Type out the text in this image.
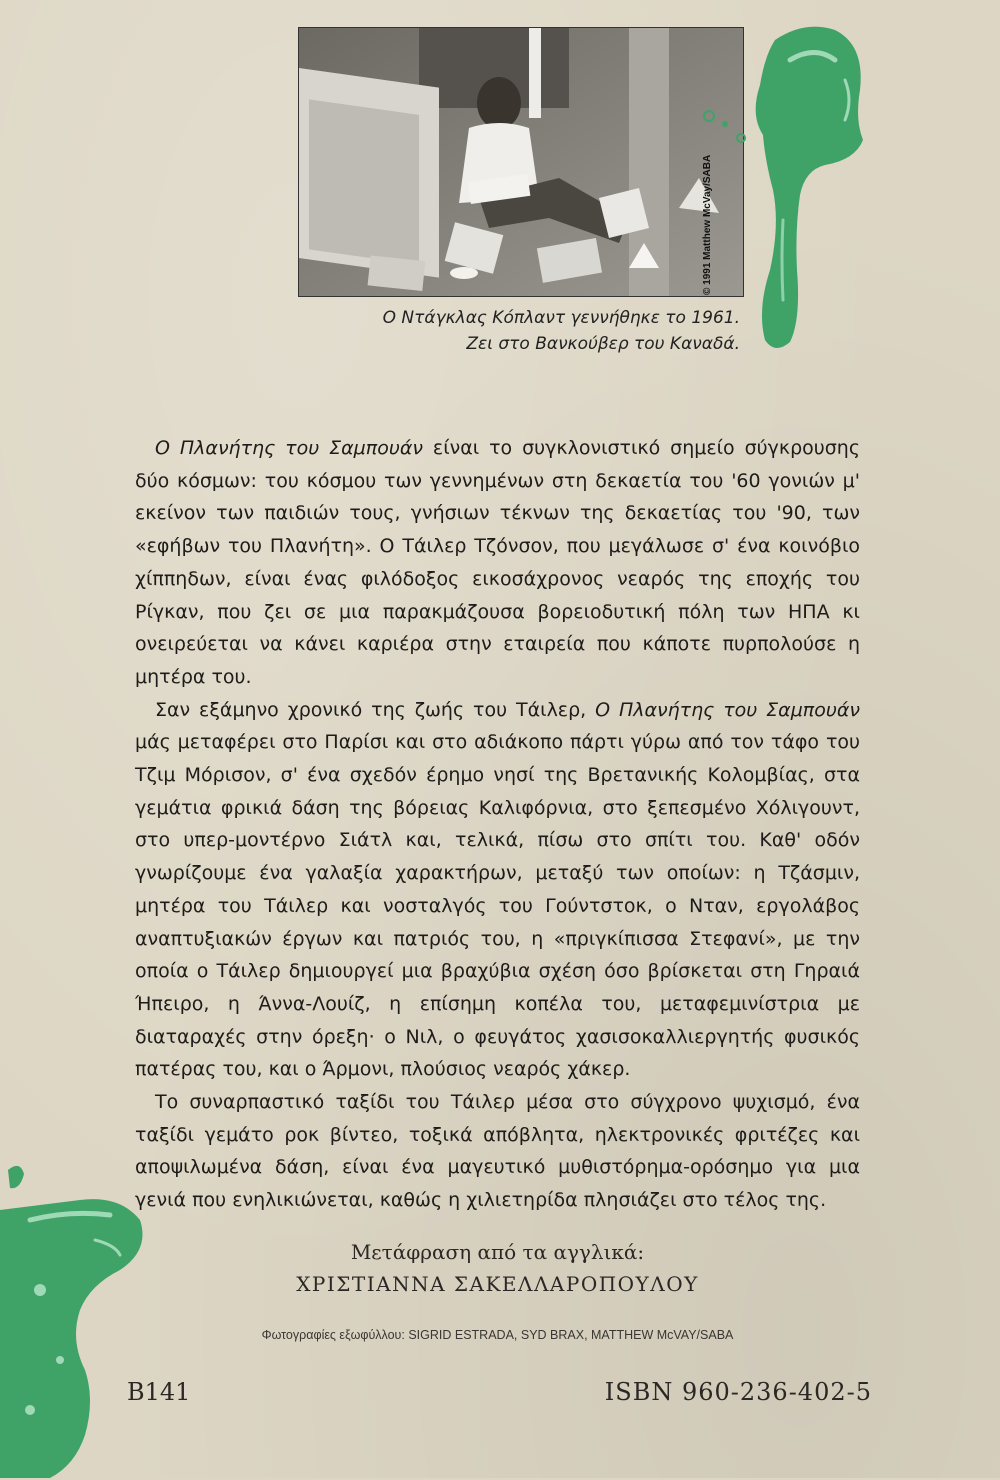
© 1991 Matthew McVay/SABA
Ο Ντάγκλας Κόπλαντ γεννήθηκε το 1961.
Ζει στο Βανκούβερ του Καναδά.

Ο Πλανήτης του Σαμπουάν είναι το συγκλονιστικό σημείο σύγκρουσης δύο κόσμων: του κόσμου των γεννημένων στη δεκαετία του '60 γονιών μ' εκείνον των παιδιών τους, γνήσιων τέκνων της δεκαετίας του '90, των «εφήβων του Πλανήτη». Ο Τάιλερ Τζόνσον, που μεγάλωσε σ' ένα κοινόβιο χίππηδων, είναι ένας φιλόδοξος εικοσάχρονος νεαρός της εποχής του Ρίγκαν, που ζει σε μια παρακμάζουσα βορειοδυτική πόλη των ΗΠΑ κι ονειρεύεται να κάνει καριέρα στην εταιρεία που κάποτε πυρπολούσε η μητέρα του.

Σαν εξάμηνο χρονικό της ζωής του Τάιλερ, Ο Πλανήτης του Σαμπουάν μάς μεταφέρει στο Παρίσι και στο αδιάκοπο πάρτι γύρω από τον τάφο του Τζιμ Μόρισον, σ' ένα σχεδόν έρημο νησί της Βρετανικής Κολομβίας, στα γεμάτια φρικιά δάση της βόρειας Καλιφόρνια, στο ξεπεσμένο Χόλιγουντ, στο υπερ-μοντέρνο Σιάτλ και, τελικά, πίσω στο σπίτι του. Καθ' οδόν γνωρίζουμε ένα γαλαξία χαρακτήρων, μεταξύ των οποίων: η Τζάσμιν, μητέρα του Τάιλερ και νοσταλγός του Γούντστοκ, ο Νταν, εργολάβος αναπτυξιακών έργων και πατριός του, η «πριγκίπισσα Στεφανί», με την οποία ο Τάιλερ δημιουργεί μια βραχύβια σχέση όσο βρίσκεται στη Γηραιά Ήπειρο, η Άννα-Λουίζ, η επίσημη κοπέλα του, μεταφεμινίστρια με διαταραχές στην όρεξη· ο Νιλ, ο φευγάτος χασισοκαλλιεργητής φυσικός πατέρας του, και ο Άρμονι, πλούσιος νεαρός χάκερ.

Το συναρπαστικό ταξίδι του Τάιλερ μέσα στο σύγχρονο ψυχισμό, ένα ταξίδι γεμάτο ροκ βίντεο, τοξικά απόβλητα, ηλεκτρονικές φριτέζες και αποψιλωμένα δάση, είναι ένα μαγευτικό μυθιστόρημα-ορόσημο για μια γενιά που ενηλικιώνεται, καθώς η χιλιετηρίδα πλησιάζει στο τέλος της.

Μετάφραση από τα αγγλικά:
ΧΡΙΣΤΙΑΝΝΑ ΣΑΚΕΛΛΑΡΟΠΟΥΛΟΥ
Φωτογραφίες εξωφύλλου: SIGRID ESTRADA, SYD BRAX, MATTHEW McVAY/SABA
B141	ISBN 960-236-402-5
